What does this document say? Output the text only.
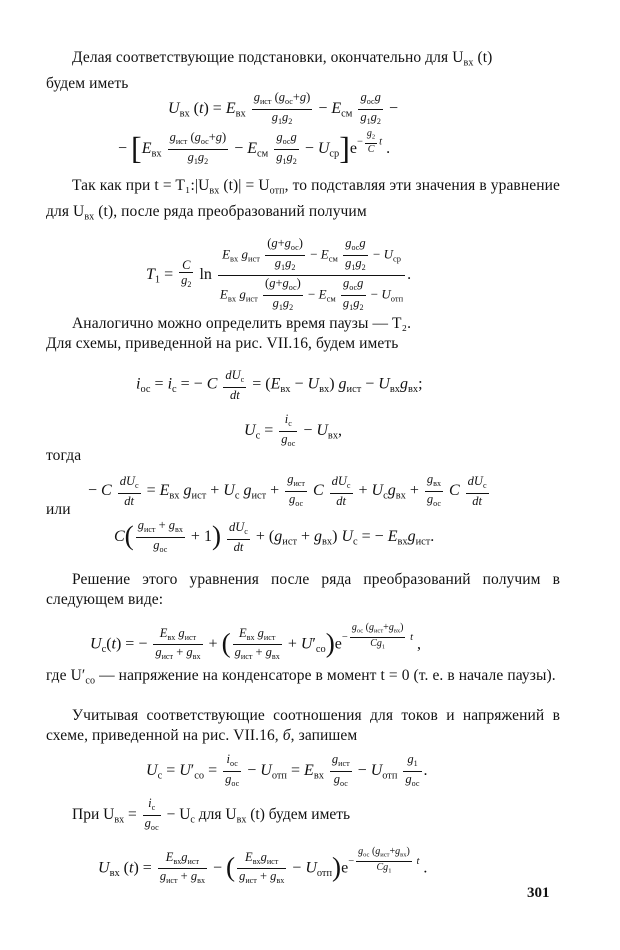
Делая соответствующие подстановки, окончательно для $U_{вх}$ (t)
будем иметь
$U_{вх}$ $(t) = E_{вх} \frac{g_{ист} (g_{ос}+g)}{g_1g_2} - E_{см} \frac{g_{ос}g}{g_1g_2}$ −
− $[E_{вх} \frac{g_{ист} (g_{ос}+g)}{g_1g_2} - E_{см} \frac{g_{ос}g}{g_1g_2} - U_{ср}]e- \frac{g_2}{C}$ t .
Так как при $t = T_1:|U_{вх}$ $(t)| = U_{отп}$, то подставляя эти значения в уравнение для $U_{вх}$ (t), после ряда преобразований получим
$T_1 = \frac{C}{g_2}$ $\ln \frac{E_{вх} g_{ист} \frac{(g+g_{ос})}{g_1g_2} - E_{см} \frac{g_{ос}g}{g_1g_2} - U_{ср}}{E_{вх} g_{ист} \frac{(g+g_{ос})}{g_1g_2} - E_{см} \frac{g_{ос}g}{g_1g_2} - U_{отп}}$ .
Аналогично можно определить время паузы — T₂.
Для схемы, приведенной на рис. VII.16, будем иметь
$i_{ос} = i_с$ = − C $\frac{dU_с}{dt} = (E_{вх} - U_{вх}) g_{ист} - U_{вх}g_{вх}$;
$U_с = \frac{i_с}{g_{ос}} - U_{вх}$,
тогда
− C $\frac{dU_с}{dt} = E_{вх}$ $g_{ист} + U_с$ $g_{ист} + \frac{g_{ист}}{g_{ос}}$ C $\frac{dU_с}{dt} + U_сg_{вх} + \frac{g_{вх}}{g_{ос}}$ C $\frac{dU_с}{dt}$
или
$C( \frac{g_{ист} + g_{вх}}{g_{ос}} + 1) \frac{dU_с}{dt} + (g_{ист} + g_{вх})$ $U_с$ = − $E_{вх}g_{ист}$.
Решение этого уравнения после ряда преобразований получим в следующем виде:
$U_с(t)$ = − $\frac{E_{вх} g_{ист}}{g_{ист} + g_{вх}}$ + ( $\frac{E_{вх} g_{ист}}{g_{ист} + g_{вх}} + U'_{со})e- \frac{g_{ос} (g_{ист}+g_{вх})}{Cg_1}$ t ,
где $U'_{со}$ — напряжение на конденсаторе в момент t = 0 (т. е. в начале паузы).
Учитывая соответствующие соотношения для токов и напряжений в схеме, приведенной на рис. VII.16, б, запишем
$U_с = U'_{со} = \frac{i_{ос}}{g_{ос}} - U_{отп} = E_{вх} \frac{g_{ист}}{g_{ос}} - U_{отп} \frac{g_1}{g_{ос}}$ .
При $U_{вх} = \frac{i_с}{g_{ос}} - U_с$ для $U_{вх}$ (t) будем иметь
$U_{вх}$ $(t) = \frac{E_{вх}g_{ист}}{g_{ист} + g_{вх}}$ − ( $\frac{E_{вх}g_{ист}}{g_{ист} + g_{вх}} - U_{отп})e- \frac{g_{ос} (g_{ист}+g_{вх})}{Cg_1}$ t .
301
